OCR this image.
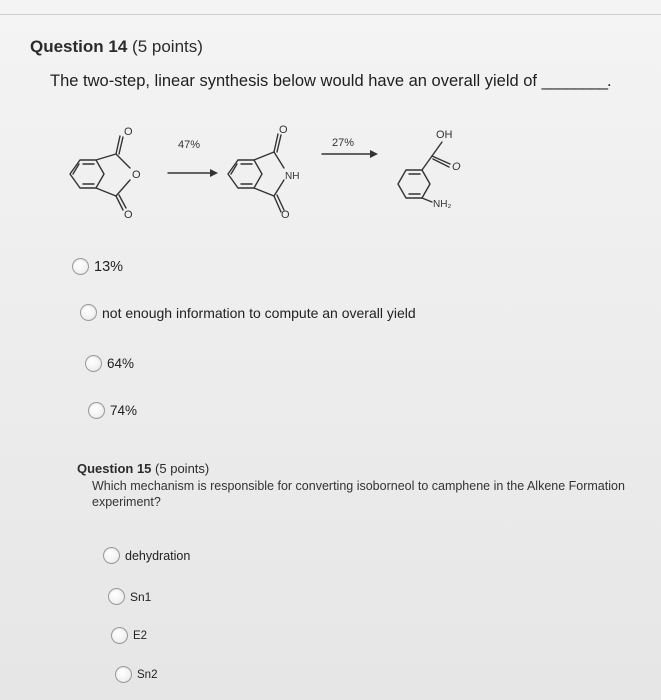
Question 14 (5 points)
The two-step, linear synthesis below would have an overall yield of ________.
O
O
O
O
NH
O
OH
O
NH₂
47%	27%
13%
not enough information to compute an overall yield
64%
74%
Question 15 (5 points)
Which mechanism is responsible for converting isoborneol to camphene in the Alkene Formation experiment?
dehydration
Sn1
E2
Sn2
